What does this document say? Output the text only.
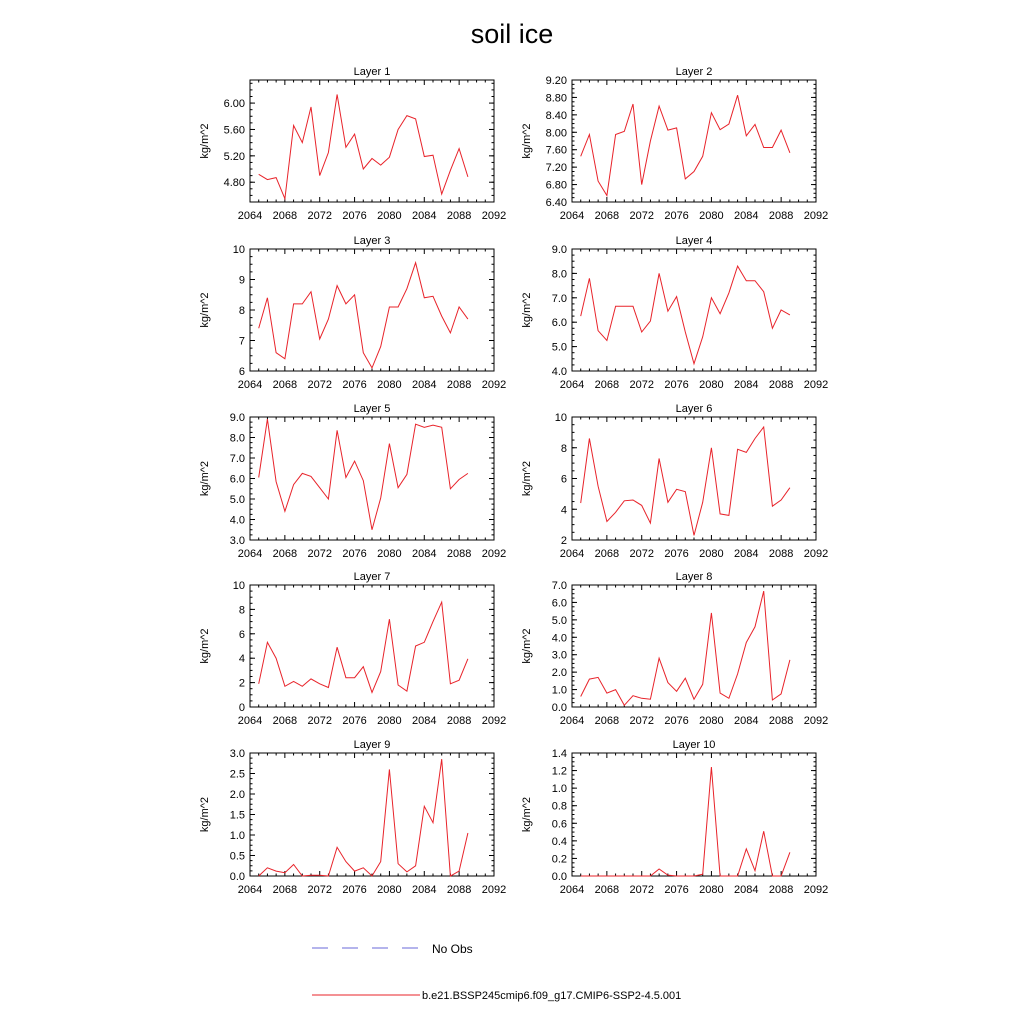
soil ice
Layer 1
kg/m^2
2064 2068 2072 2076 2080 2084 2088 2092
4.80
5.20
5.60
6.00
Layer 2
kg/m^2
2064 2068 2072 2076 2080 2084 2088 2092
6.40
6.80
7.20
7.60
8.00
8.40
8.80
9.20
Layer 3
kg/m^2
2064 2068 2072 2076 2080 2084 2088 2092
6
7
8
9
10
Layer 4
kg/m^2
2064 2068 2072 2076 2080 2084 2088 2092
4.0
5.0
6.0
7.0
8.0
9.0
Layer 5
kg/m^2
2064 2068 2072 2076 2080 2084 2088 2092
3.0
4.0
5.0
6.0
7.0
8.0
9.0
Layer 6
kg/m^2
2064 2068 2072 2076 2080 2084 2088 2092
2
4
6
8
10
Layer 7
kg/m^2
2064 2068 2072 2076 2080 2084 2088 2092
0
2
4
6
8
10
Layer 8
kg/m^2
2064 2068 2072 2076 2080 2084 2088 2092
0.0
1.0
2.0
3.0
4.0
5.0
6.0
7.0
Layer 9
kg/m^2
2064 2068 2072 2076 2080 2084 2088 2092
0.0
0.5
1.0
1.5
2.0
2.5
3.0
Layer 10
kg/m^2
2064 2068 2072 2076 2080 2084 2088 2092
0.0
0.2
0.4
0.6
0.8
1.0
1.2
1.4
No Obs
b.e21.BSSP245cmip6.f09_g17.CMIP6-SSP2-4.5.001
